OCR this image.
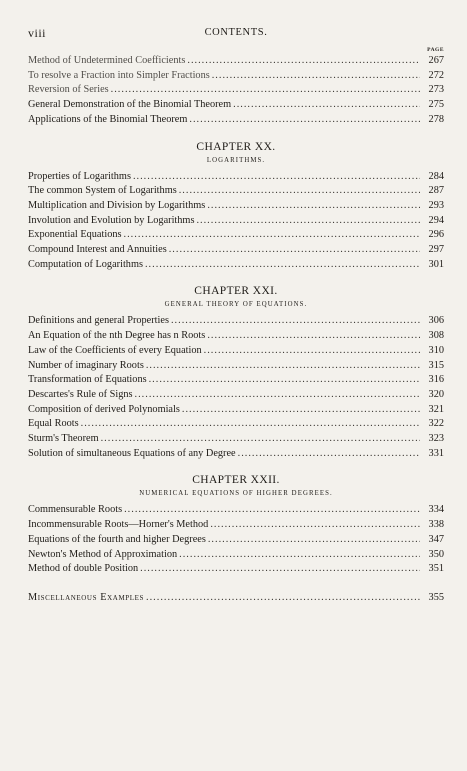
viii	CONTENTS.
PAGE
Method of Undetermined Coefficients .....	267
To resolve a Fraction into Simpler Fractions .....	272
Reversion of Series .....	273
General Demonstration of the Binomial Theorem .....	275
Applications of the Binomial Theorem .....	278
CHAPTER XX.
LOGARITHMS.
Properties of Logarithms .....	284
The common System of Logarithms .....	287
Multiplication and Division by Logarithms .....	293
Involution and Evolution by Logarithms .....	294
Exponential Equations .....	296
Compound Interest and Annuities .....	297
Computation of Logarithms .....	301
CHAPTER XXI.
GENERAL THEORY OF EQUATIONS.
Definitions and general Properties .....	306
An Equation of the nth Degree has n Roots .....	308
Law of the Coefficients of every Equation .....	310
Number of imaginary Roots .....	315
Transformation of Equations .....	316
Descartes's Rule of Signs .....	320
Composition of derived Polynomials .....	321
Equal Roots .....	322
Sturm's Theorem .....	323
Solution of simultaneous Equations of any Degree .....	331
CHAPTER XXII.
NUMERICAL EQUATIONS OF HIGHER DEGREES.
Commensurable Roots .....	334
Incommensurable Roots—Horner's Method .....	338
Equations of the fourth and higher Degrees .....	347
Newton's Method of Approximation .....	350
Method of double Position .....	351
Miscellaneous Examples .....	355
